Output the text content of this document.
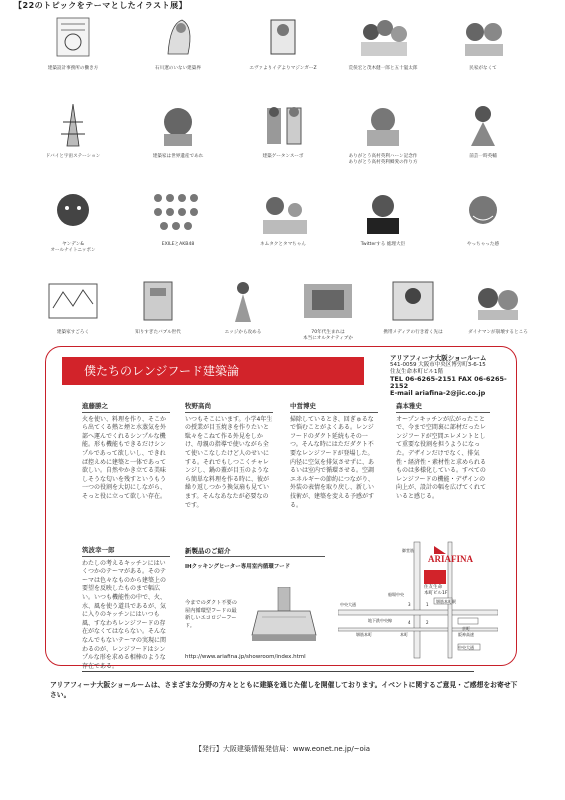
【22のトピックをテーマとしたイラスト展】
建築設計事務所の働き方	石川遼のいない建築界	エヴァよりイデよりマジンガーZ	荒俣宏と茂木健一郎と五十嵐太郎	民家がなくて
ドバイと宇宙ステーション	建築家は世界遺産であれ	建築ゲータンスーボ	ありがとう高村英利ハーン記念作
ありがとう高村英利郷愛の作り方
前芸一時英輔
ヤンデン&
オールナイトニッポン
EXILEとAKB48	ネムタクとタマちゃん	Twitterする 総理大臣	やっちゃった感
建築家すごろく	知りすぎたバブル世代	エッジから攻める	70年代生まれは
本当にオルタナティブか
携帯メディアの行き着く先は	ダイナマンが崩壊するところ
僕たちのレンジフード建築論
アリアフィーナ大阪ショールーム
541-0059 大阪市中央区博労町3-6-15
住友生命本町ビル1階
TEL 06-6265-2151 FAX 06-6265-2152
E-mail ariafina-2@jic.co.jp
進藤勝之
火を使い、料理を作り、そこから出てくる熱と煙と水蒸気を外部へ運んでくれるシンプルな機能。形も機能もできるだけシンプルであって欲しいし、できれば控えめに建築と一体であって欲しい。自然やかき立てる美味しそうな匂いを残すというもう一つの役割を大切にしながら、そっと役に立って欲しい存在。
牧野高尚
いつもそこにいます。小学4年生の授業が目玉焼きを作りたいと駄々をこねて作る外見をしかけ、母親の指導で使いながら全て使いこなしたけど人のせいにする。それでもしつこくチャレンジし、鍋の蓋が目玉のようなら簡単な料理を作る時に、彼が繰り返しつかう換気扇も見ています。そんなあなたが必要なのです。
中営博史
掃除しているとき、回ぎゅるなで悩むことがよくある。レンジフードのダクト延続もその一つ。そんな時にはただダクト不要なレンジフードが登場した。内径に空気を排気させずに、あるいは室内で循環させる。空調エネルギーの節約につながり、外装の表情を取り戻し、新しい技術が、建築を変える予感がする。
森本雅史
オープンキッチンが広がったことで、今まで空間裏に部材だったレンジフードが空間エレメントとして重要な役割を担うようになった。デザインだけでなく、排気性・経済性・素材性と求められるものは多様化している。すべてのレンジフードの機能・デザインの向上が、設計の幅を広げてくれていると感じる。
筑波幸一郎
わたしの考えるキッチンにはいくつかのテーマがある。そのテーマは色々なものから建築上の要望を反映したものまで幅広い。いつも機能性の中で、火、水、風を使う道具であるが、気に入りのキッチンにはいつも風、すなわちレンジフードの存在がなくてはならない。そんななんでもないテーマの実現に関わるのが、レンジフードはシンプルな形を求める相棒のような存在である。
新製品のご紹介
IHクッキングヒーター専用室内循環フード
今までのダクト不要の屋内循環型フードの最新しいエコロジーフード。
http://www.ariafina.jp/showroom/index.html
ARIAFINA
住友生命
本町ビル1F
中央大通
堺筋本町	本町	阪神高速
地下鉄中央線
京町
御堂筋
船場中央
4
3
2
1
堺筋本町駅
中央大通
アリアフィーナ大阪ショールームは、さまざまな分野の方々とともに建築を通じた催しを開催しております。イベントに関するご意見・ご感想をお寄せ下さい。
【発行】大阪建築情報発信局：www.eonet.ne.jp/~oia
